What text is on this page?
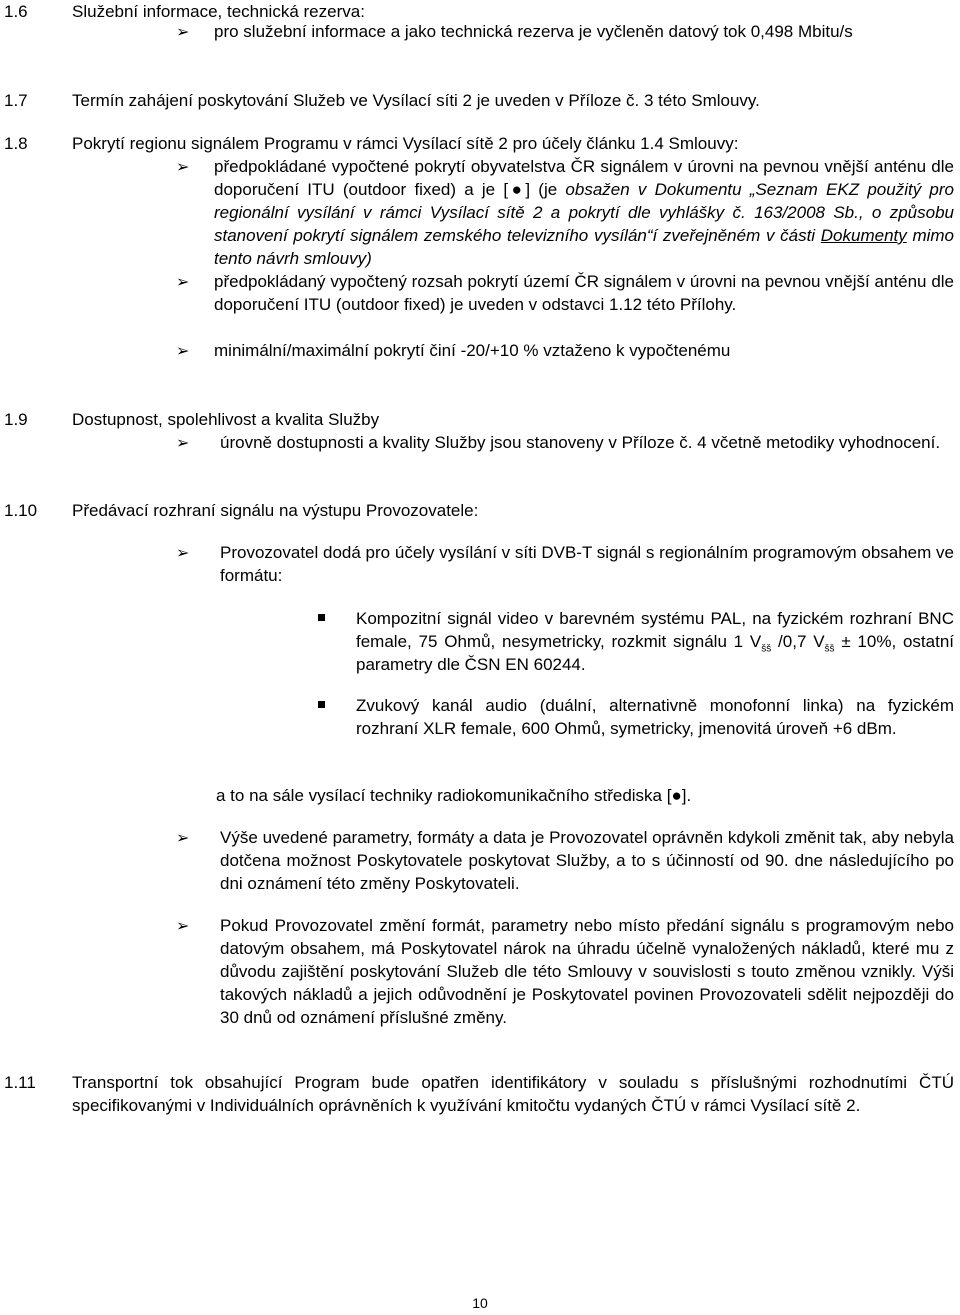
1.6	Služební informace, technická rezerva:
➢ pro služební informace a jako technická rezerva je vyčleněn datový tok 0,498 Mbitu/s
1.7	Termín zahájení poskytování Služeb ve Vysílací síti 2 je uveden v Příloze č. 3 této Smlouvy.
1.8	Pokrytí regionu signálem Programu v rámci Vysílací sítě 2 pro účely článku 1.4 Smlouvy:
➢ předpokládané vypočtené pokrytí obyvatelstva ČR signálem v úrovni na pevnou vnější anténu dle doporučení ITU (outdoor fixed) a je [●] (je obsažen v Dokumentu „Seznam EKZ použitý pro regionální vysílání v rámci Vysílací sítě 2 a pokrytí dle vyhlášky č. 163/2008 Sb., o způsobu stanovení pokrytí signálem zemského televizního vysílán“í zveřejněném v části Dokumenty mimo tento návrh smlouvy)
➢ předpokládaný vypočtený rozsah pokrytí území ČR signálem v úrovni na pevnou vnější anténu dle doporučení ITU (outdoor fixed) je uveden v odstavci 1.12 této Přílohy.
➢ minimální/maximální pokrytí činí -20/+10 % vztaženo k vypočtenému
1.9	Dostupnost, spolehlivost a kvalita Služby
➢ úrovně dostupnosti a kvality Služby jsou stanoveny v Příloze č. 4 včetně metodiky vyhodnocení.
1.10 Předávací rozhraní signálu na výstupu Provozovatele:
➢ Provozovatel dodá pro účely vysílání v síti DVB-T signál s regionálním programovým obsahem ve formátu:
Kompozitní signál video v barevném systému PAL, na fyzickém rozhraní BNC female, 75 Ohmů, nesymetricky, rozkmit signálu 1 $V_{šš}$ /0,7 $V_{šš} \pm 10\%$, ostatní parametry dle ČSN EN 60244.
Zvukový kanál audio (duální, alternativně monofonní linka) na fyzickém rozhraní XLR female, 600 Ohmů, symetricky, jmenovitá úroveň +6 dBm.
a to na sále vysílací techniky radiokomunikačního střediska [●].
➢ Výše uvedené parametry, formáty a data je Provozovatel oprávněn kdykoli změnit tak, aby nebyla dotčena možnost Poskytovatele poskytovat Služby, a to s účinností od 90. dne následujícího po dni oznámení této změny Poskytovateli.
➢ Pokud Provozovatel změní formát, parametry nebo místo předání signálu s programovým nebo datovým obsahem, má Poskytovatel nárok na úhradu účelně vynaložených nákladů, které mu z důvodu zajištění poskytování Služeb dle této Smlouvy v souvislosti s touto změnou vznikly. Výši takových nákladů a jejich odůvodnění je Poskytovatel povinen Provozovateli sdělit nejpozději do 30 dnů od oznámení příslušné změny.
1.11 Transportní tok obsahující Program bude opatřen identifikátory v souladu s příslušnými rozhodnutími ČTÚ specifikovanými v Individuálních oprávněních k využívání kmitočtu vydaných ČTÚ v rámci Vysílací sítě 2.
10
